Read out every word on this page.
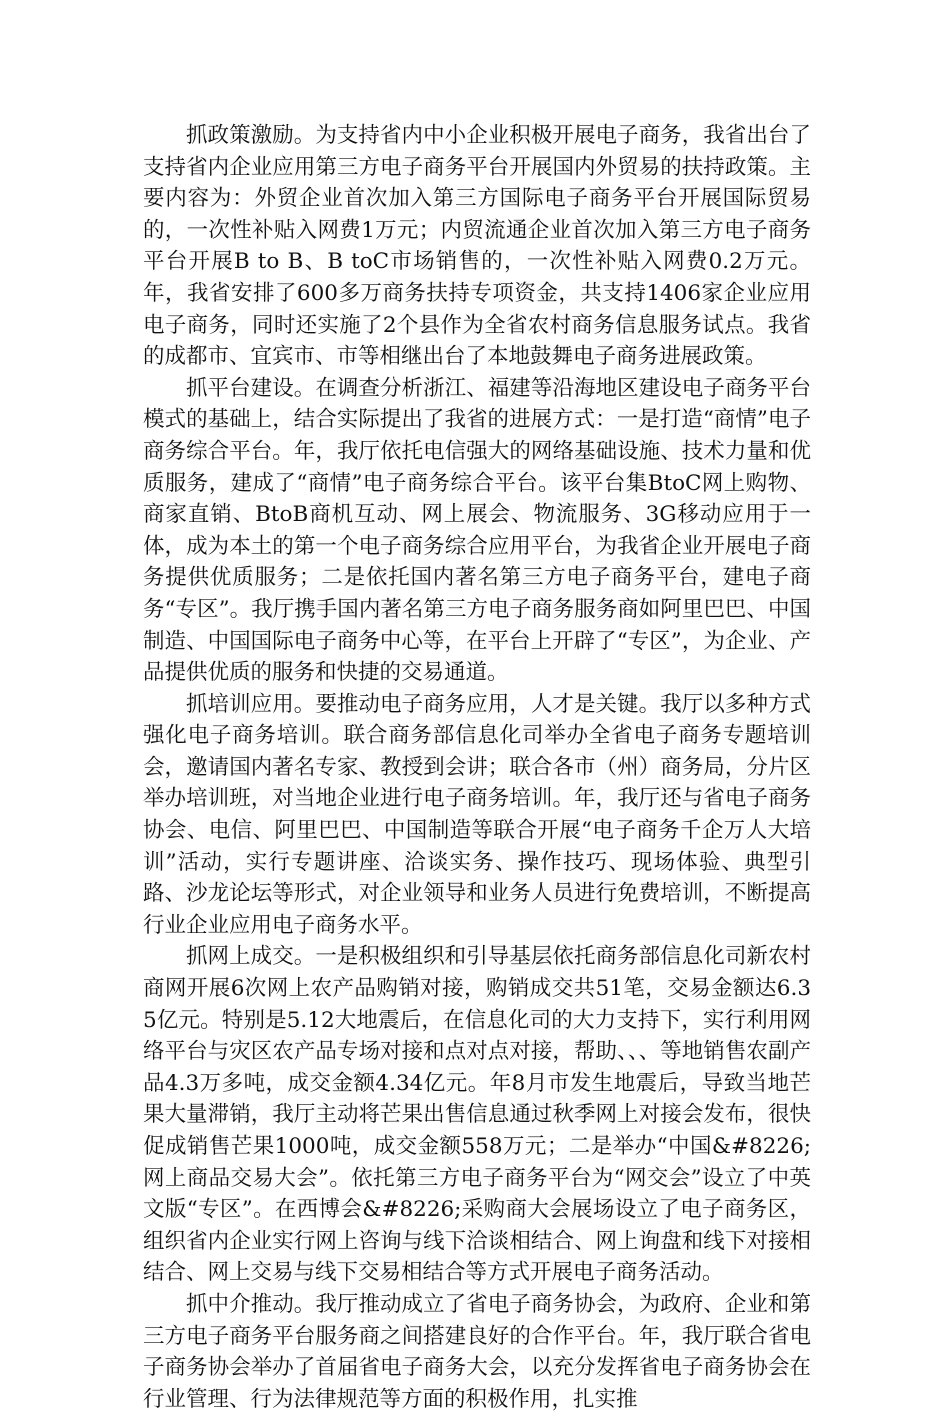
抓政策激励。为支持省内中小企业积极开展电子商务，我省出台了支持省内企业应用第三方电子商务平台开展国内外贸易的扶持政策。主要内容为：外贸企业首次加入第三方国际电子商务平台开展国际贸易的，一次性补贴入网费1万元；内贸流通企业首次加入第三方电子商务平台开展B to B、B toC市场销售的，一次性补贴入网费0.2万元。年，我省安排了600多万商务扶持专项资金，共支持1406家企业应用电子商务，同时还实施了2个县作为全省农村商务信息服务试点。我省的成都市、宜宾市、市等相继出台了本地鼓舞电子商务进展政策。

抓平台建设。在调查分析浙江、福建等沿海地区建设电子商务平台模式的基础上，结合实际提出了我省的进展方式：一是打造“商情”电子商务综合平台。年，我厅依托电信强大的网络基础设施、技术力量和优质服务，建成了“商情”电子商务综合平台。该平台集BtoC网上购物、商家直销、BtoB商机互动、网上展会、物流服务、3G移动应用于一体，成为本土的第一个电子商务综合应用平台，为我省企业开展电子商务提供优质服务；二是依托国内著名第三方电子商务平台，建电子商务“专区”。我厅携手国内著名第三方电子商务服务商如阿里巴巴、中国制造、中国国际电子商务中心等，在平台上开辟了“专区”，为企业、产品提供优质的服务和快捷的交易通道。

抓培训应用。要推动电子商务应用，人才是关键。我厅以多种方式强化电子商务培训。联合商务部信息化司举办全省电子商务专题培训会，邀请国内著名专家、教授到会讲；联合各市（州）商务局，分片区举办培训班，对当地企业进行电子商务培训。年，我厅还与省电子商务协会、电信、阿里巴巴、中国制造等联合开展“电子商务千企万人大培训”活动，实行专题讲座、洽谈实务、操作技巧、现场体验、典型引路、沙龙论坛等形式，对企业领导和业务人员进行免费培训，不断提高行业企业应用电子商务水平。

抓网上成交。一是积极组织和引导基层依托商务部信息化司新农村商网开展6次网上农产品购销对接，购销成交共51笔，交易金额达6.35亿元。特别是5.12大地震后，在信息化司的大力支持下，实行利用网络平台与灾区农产品专场对接和点对点对接，帮助、、、等地销售农副产品4.3万多吨，成交金额4.34亿元。年8月市发生地震后，导致当地芒果大量滞销，我厅主动将芒果出售信息通过秋季网上对接会发布，很快促成销售芒果1000吨，成交金额558万元；二是举办“中国&#8226;网上商品交易大会”。依托第三方电子商务平台为“网交会”设立了中英文版“专区”。在西博会&#8226;采购商大会展场设立了电子商务区，组织省内企业实行网上咨询与线下洽谈相结合、网上询盘和线下对接相结合、网上交易与线下交易相结合等方式开展电子商务活动。

抓中介推动。我厅推动成立了省电子商务协会，为政府、企业和第三方电子商务平台服务商之间搭建良好的合作平台。年，我厅联合省电子商务协会举办了首届省电子商务大会，以充分发挥省电子商务协会在行业管理、行为法律规范等方面的积极作用，扎实推
